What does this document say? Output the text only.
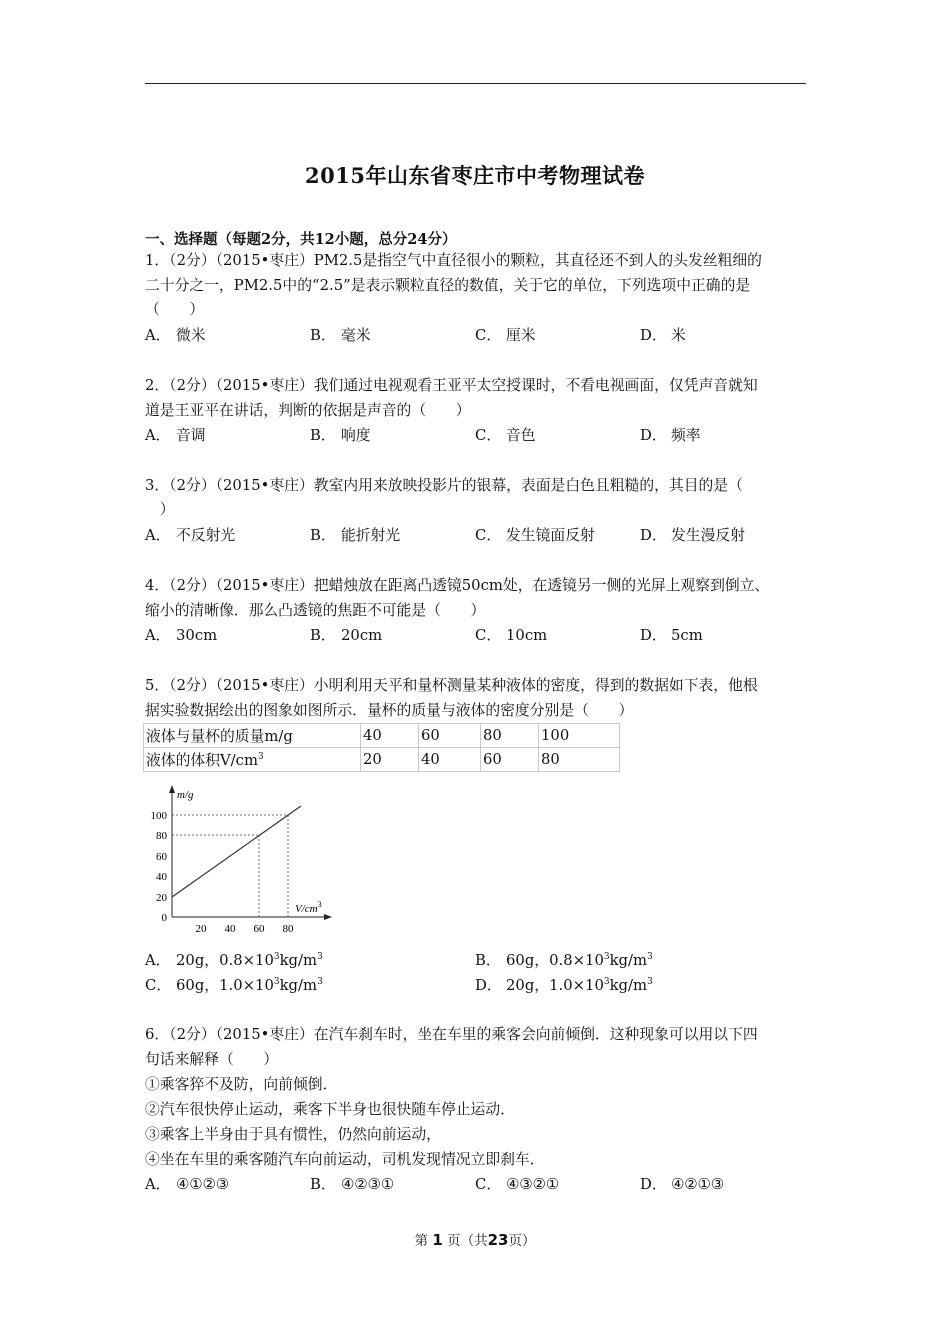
2015年山东省枣庄市中考物理试卷
一、选择题（每题2分，共12小题，总分24分）
1．（2分）（2015•枣庄）PM2.5是指空气中直径很小的颗粒，其直径还不到人的头发丝粗细的
二十分之一，PM2.5中的“2.5”是表示颗粒直径的数值，关于它的单位，下列选项中正确的是
（　　）
A． 微米	B． 毫米	C． 厘米	D． 米
2．（2分）（2015•枣庄）我们通过电视观看王亚平太空授课时，不看电视画面，仅凭声音就知
道是王亚平在讲话，判断的依据是声音的（　　）
A． 音调	B． 响度	C． 音色	D． 频率
3．（2分）（2015•枣庄）教室内用来放映投影片的银幕，表面是白色且粗糙的，其目的是（
　）
A． 不反射光	B． 能折射光	C． 发生镜面反射	D． 发生漫反射
4．（2分）（2015•枣庄）把蜡烛放在距离凸透镜50cm处，在透镜另一侧的光屏上观察到倒立、
缩小的清晰像．那么凸透镜的焦距不可能是（　　）
A． 30cm	B． 20cm	C． 10cm	D． 5cm
5．（2分）（2015•枣庄）小明利用天平和量杯测量某种液体的密度，得到的数据如下表，他根
据实验数据绘出的图象如图所示．量杯的质量与液体的密度分别是（　　）
液体与量杯的质量m/g	40	60	80	100
液体的体积$V/cm^3$	20	40	60	80
100
80
60
40
20
0
20 40 60 80
m/g
$V/cm^3$
A． 20g，$0.8\times 10^3kg/m^3$	B． 60g，$0.8\times 10^3kg/m^3$
C． 60g，$1.0\times 10^3kg/m^3$	D． 20g，$1.0\times 10^3kg/m^3$
6．（2分）（2015•枣庄）在汽车刹车时，坐在车里的乘客会向前倾倒．这种现象可以用以下四
句话来解释（　　）
①乘客猝不及防，向前倾倒．
②汽车很快停止运动，乘客下半身也很快随车停止运动．
③乘客上半身由于具有惯性，仍然向前运动，
④坐在车里的乘客随汽车向前运动，司机发现情况立即刹车．
A． ④①②③	B． ④②③①	C． ④③②①	D． ④②①③
第 1 页（共23页）
